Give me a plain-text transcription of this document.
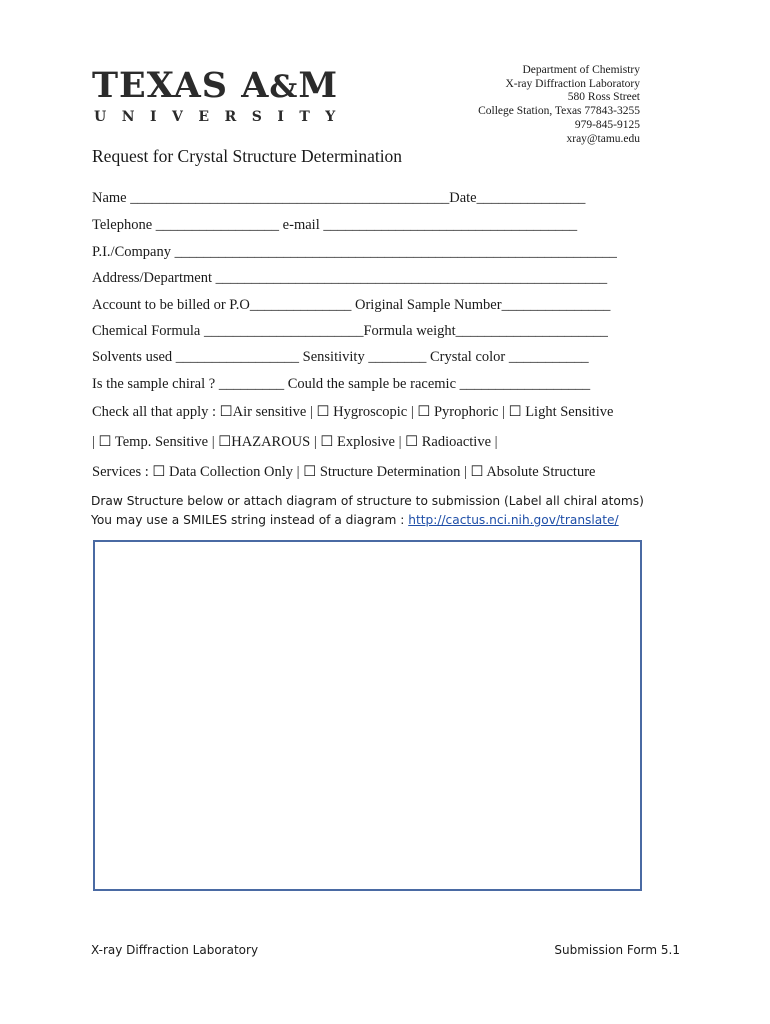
TEXAS A&M
UNIVERSITY
Department of Chemistry
X-ray Diffraction Laboratory
580 Ross Street
College Station, Texas 77843-3255
979-845-9125
xray@tamu.edu
Request for Crystal Structure Determination
Name ____________________________________________Date_______________
Telephone _________________ e-mail ___________________________________
P.I./Company _____________________________________________________________
Address/Department ______________________________________________________
Account to be billed or P.O______________ Original Sample Number_______________
Chemical Formula ______________________Formula weight_____________________
Solvents used _________________ Sensitivity ________ Crystal color ___________
Is the sample chiral ? _________ Could the sample be racemic __________________
Check all that apply : ☐Air sensitive | ☐ Hygroscopic | ☐ Pyrophoric | ☐ Light Sensitive
| ☐ Temp. Sensitive | ☐HAZAROUS | ☐ Explosive | ☐ Radioactive |
Services : ☐ Data Collection Only | ☐ Structure Determination | ☐ Absolute Structure
Draw Structure below or attach diagram of structure to submission (Label all chiral atoms)
You may use a SMILES string instead of a diagram : http://cactus.nci.nih.gov/translate/
X-ray Diffraction Laboratory	Submission Form 5.1
